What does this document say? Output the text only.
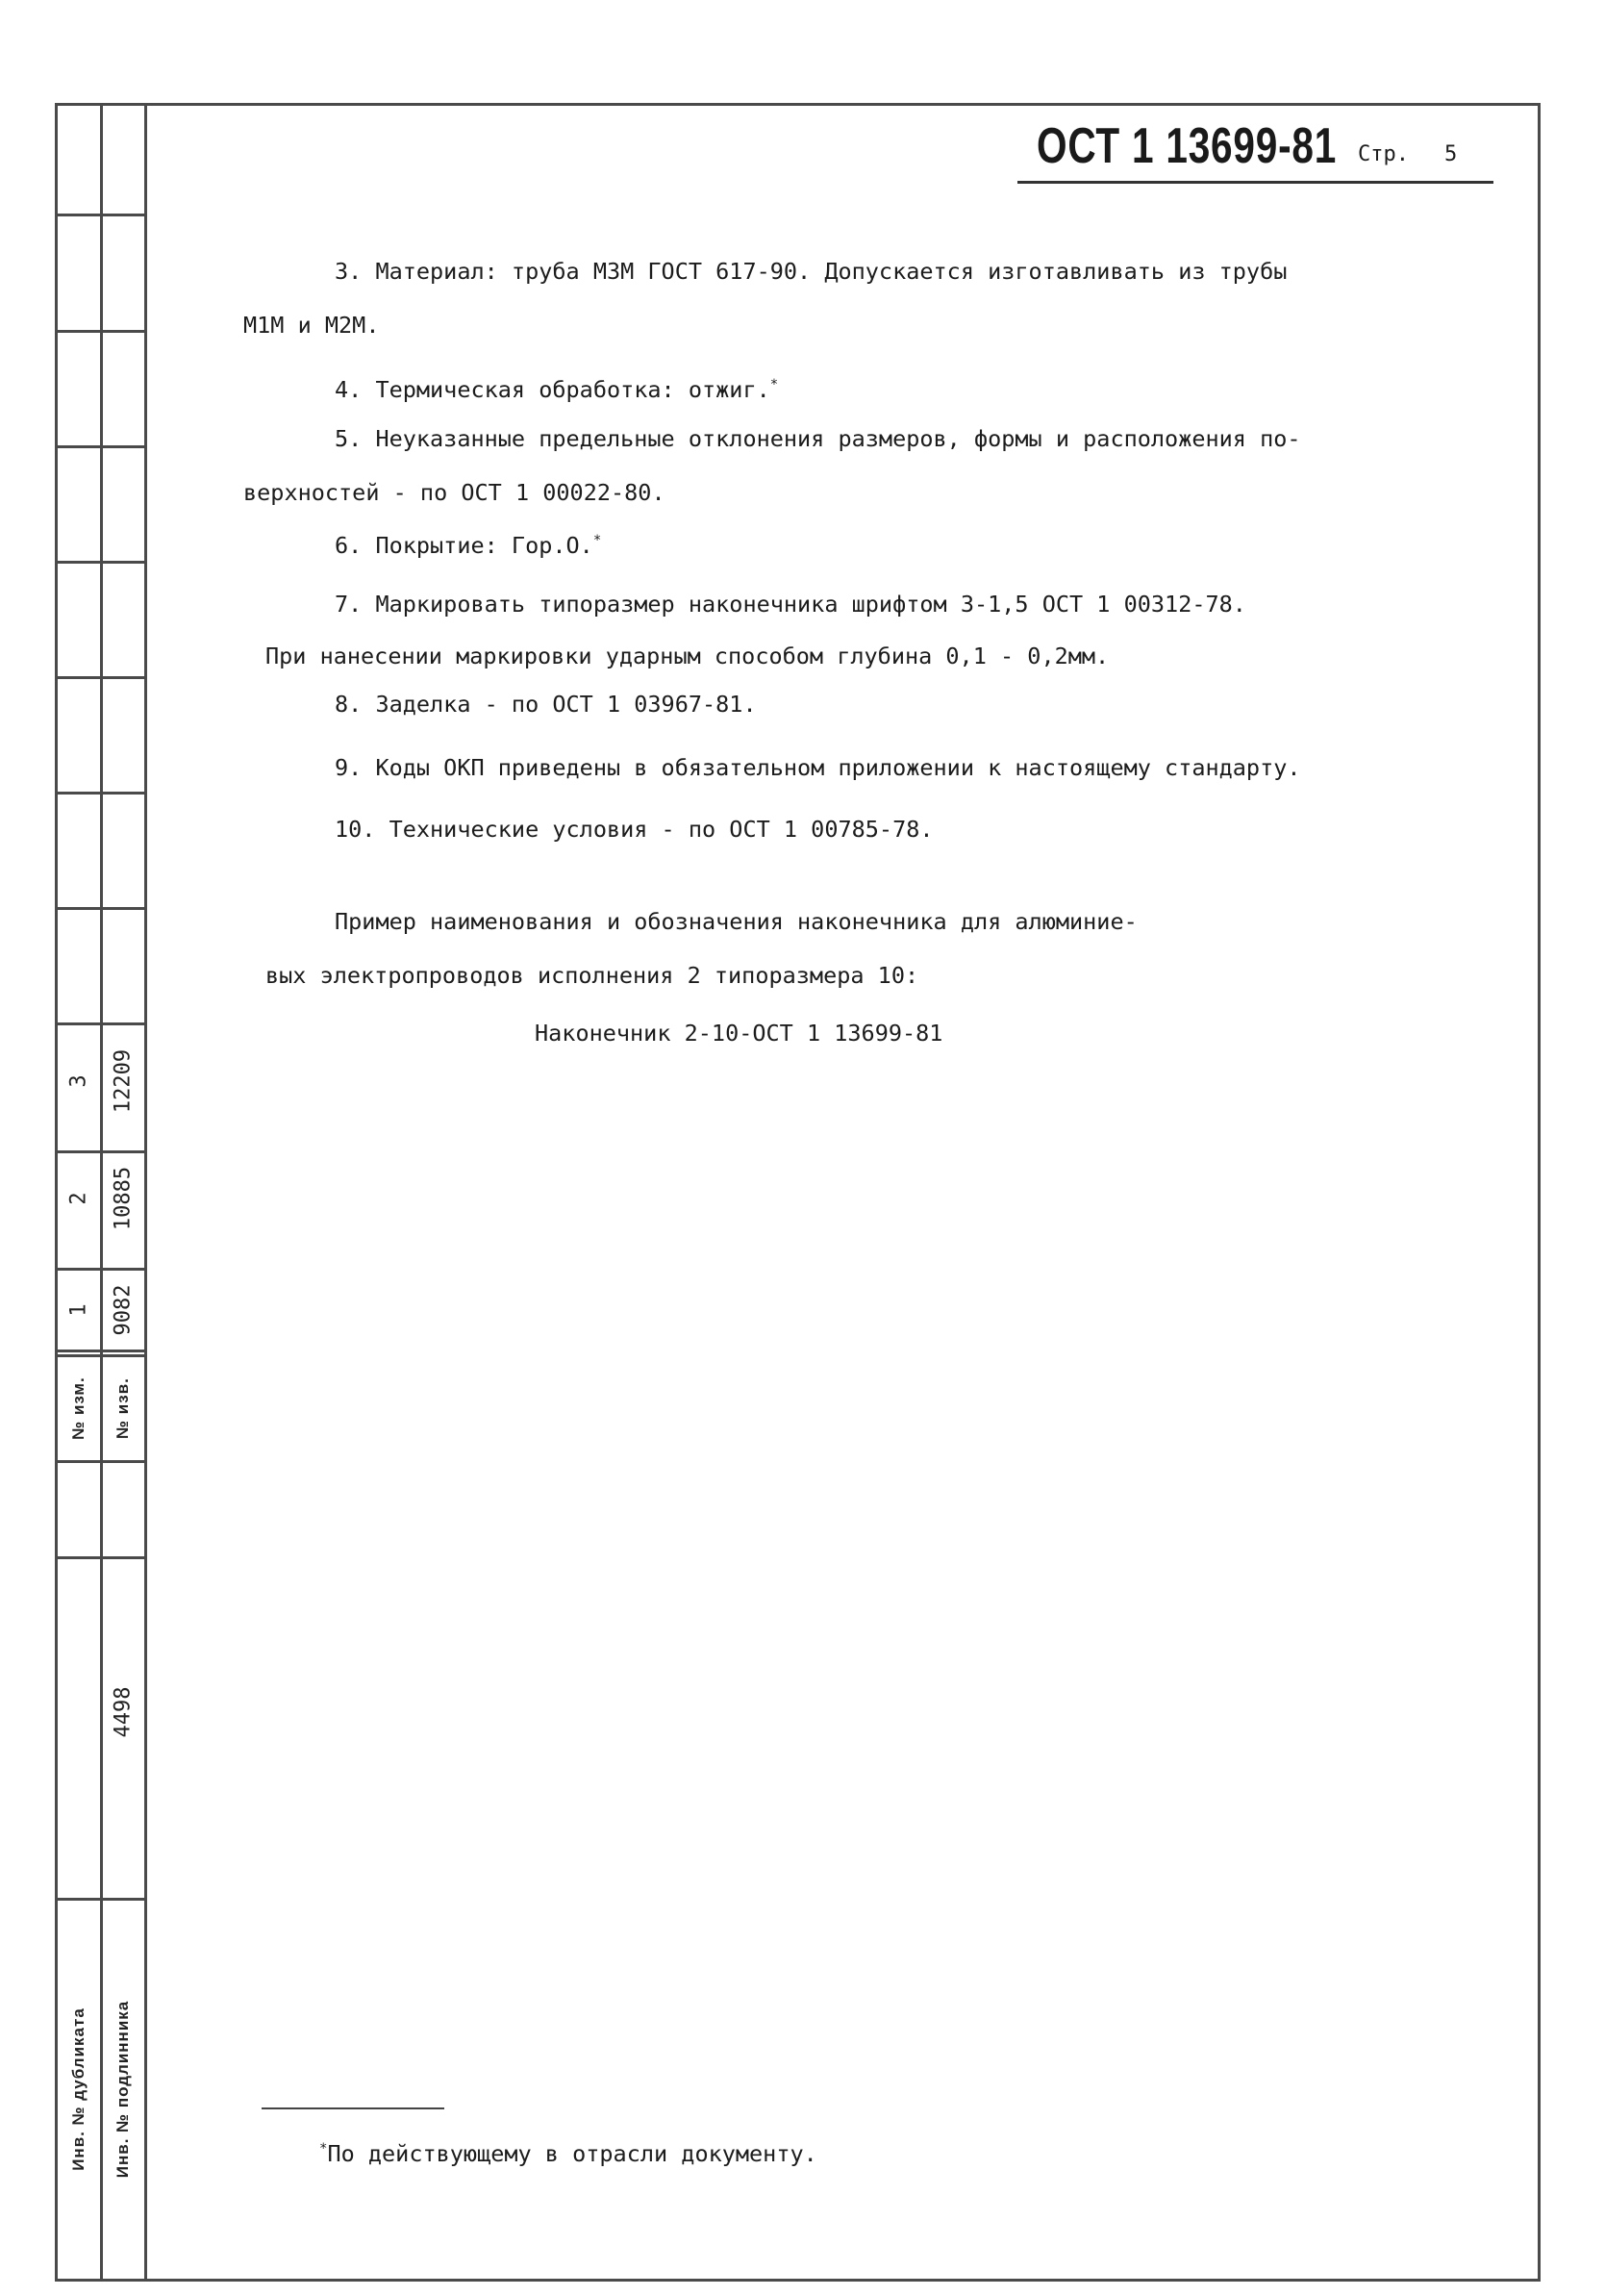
№ изм. № изв.
1 9082
2 10885
3 12209
4498
Инв. № дубликата Инв. № подлинника
ОСТ 1 13699-81 Стр. 5
3. Материал: труба М3М ГОСТ 617-90. Допускается изготавливать из трубы
М1М и М2М.
4. Термическая обработка: отжиг.*
5. Неуказанные предельные отклонения размеров, формы и расположения по-
верхностей - по ОСТ 1 00022-80.
6. Покрытие: Гор.О.*
7. Маркировать типоразмер наконечника шрифтом 3-1,5 ОСТ 1 00312-78.
При нанесении маркировки ударным способом глубина 0,1 - 0,2мм.
8. Заделка - по ОСТ 1 03967-81.
9. Коды ОКП приведены в обязательном приложении к настоящему стандарту.
10. Технические условия - по ОСТ 1 00785-78.
Пример наименования и обозначения наконечника для алюминие-
вых электропроводов исполнения 2 типоразмера 10:
Наконечник 2-10-ОСТ 1 13699-81
*По действующему в отрасли документу.
